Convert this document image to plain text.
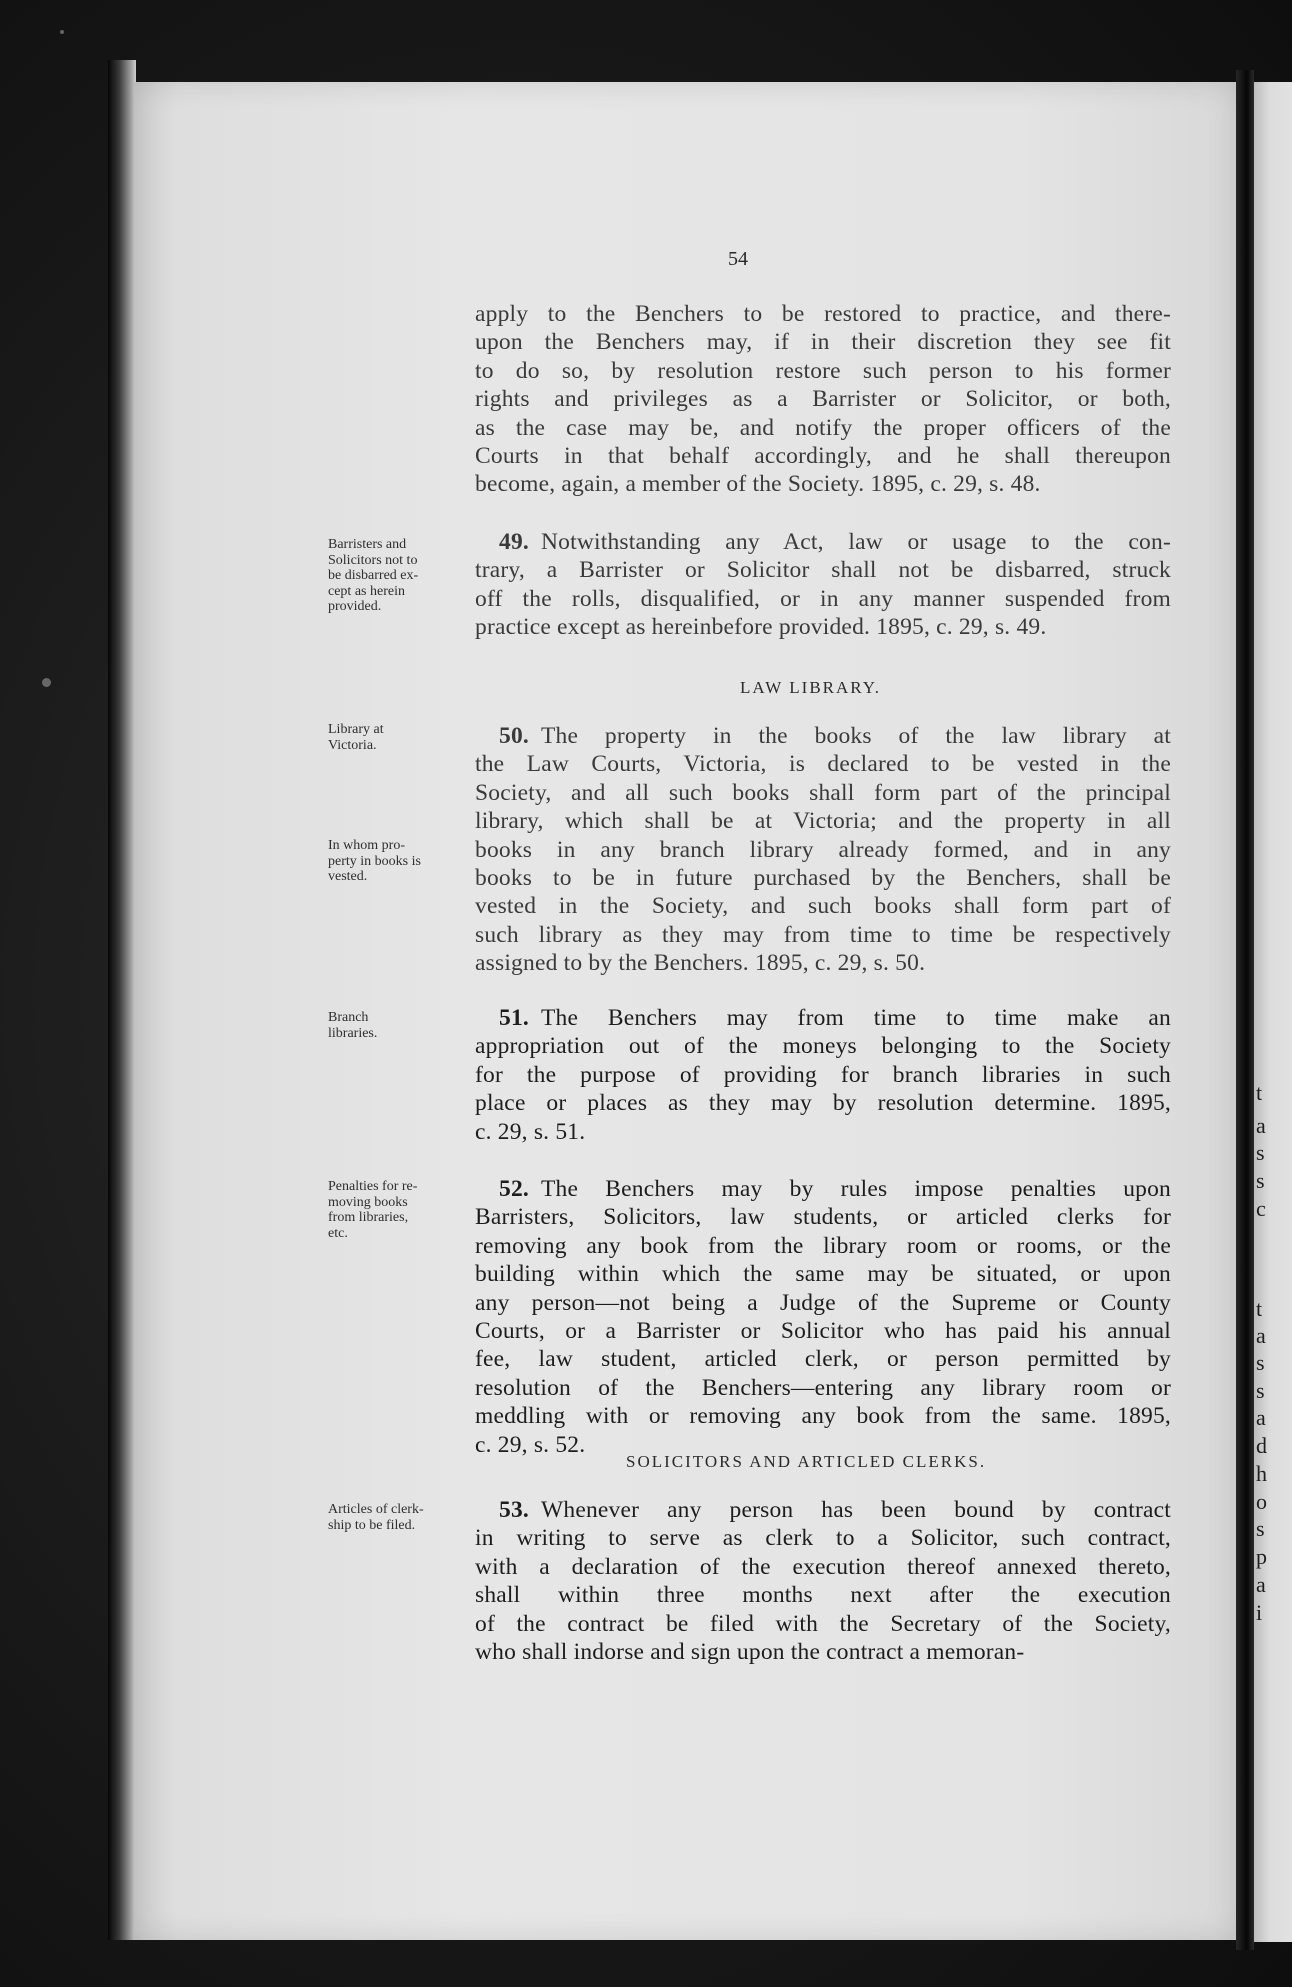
t
a
s
s
c
t
a
s
s
a
d
h
o
s
p
a
i
54
apply to the Benchers to be restored to practice, and there-
upon the Benchers may, if in their discretion they see fit
to do so, by resolution restore such person to his former
rights and privileges as a Barrister or Solicitor, or both,
as the case may be, and notify the proper officers of the
Courts in that behalf accordingly, and he shall thereupon
become, again, a member of the Society. 1895, c. 29, s. 48.
Barristers and
Solicitors not to
be disbarred ex-
cept as herein
provided.
49. Notwithstanding any Act, law or usage to the con-
trary, a Barrister or Solicitor shall not be disbarred, struck
off the rolls, disqualified, or in any manner suspended from
practice except as hereinbefore provided. 1895, c. 29, s. 49.
LAW LIBRARY.
Library at
Victoria.
In whom pro-
perty in books is
vested.
50. The property in the books of the law library at
the Law Courts, Victoria, is declared to be vested in the
Society, and all such books shall form part of the principal
library, which shall be at Victoria; and the property in all
books in any branch library already formed, and in any
books to be in future purchased by the Benchers, shall be
vested in the Society, and such books shall form part of
such library as they may from time to time be respectively
assigned to by the Benchers. 1895, c. 29, s. 50.
Branch
libraries.
51. The Benchers may from time to time make an
appropriation out of the moneys belonging to the Society
for the purpose of providing for branch libraries in such
place or places as they may by resolution determine. 1895,
c. 29, s. 51.
Penalties for re-
moving books
from libraries,
etc.
52. The Benchers may by rules impose penalties upon
Barristers, Solicitors, law students, or articled clerks for
removing any book from the library room or rooms, or the
building within which the same may be situated, or upon
any person—not being a Judge of the Supreme or County
Courts, or a Barrister or Solicitor who has paid his annual
fee, law student, articled clerk, or person permitted by
resolution of the Benchers—entering any library room or
meddling with or removing any book from the same. 1895,
c. 29, s. 52.
SOLICITORS AND ARTICLED CLERKS.
Articles of clerk-
ship to be filed.
53. Whenever any person has been bound by contract
in writing to serve as clerk to a Solicitor, such contract,
with a declaration of the execution thereof annexed thereto,
shall within three months next after the execution
of the contract be filed with the Secretary of the Society,
who shall indorse and sign upon the contract a memoran-
